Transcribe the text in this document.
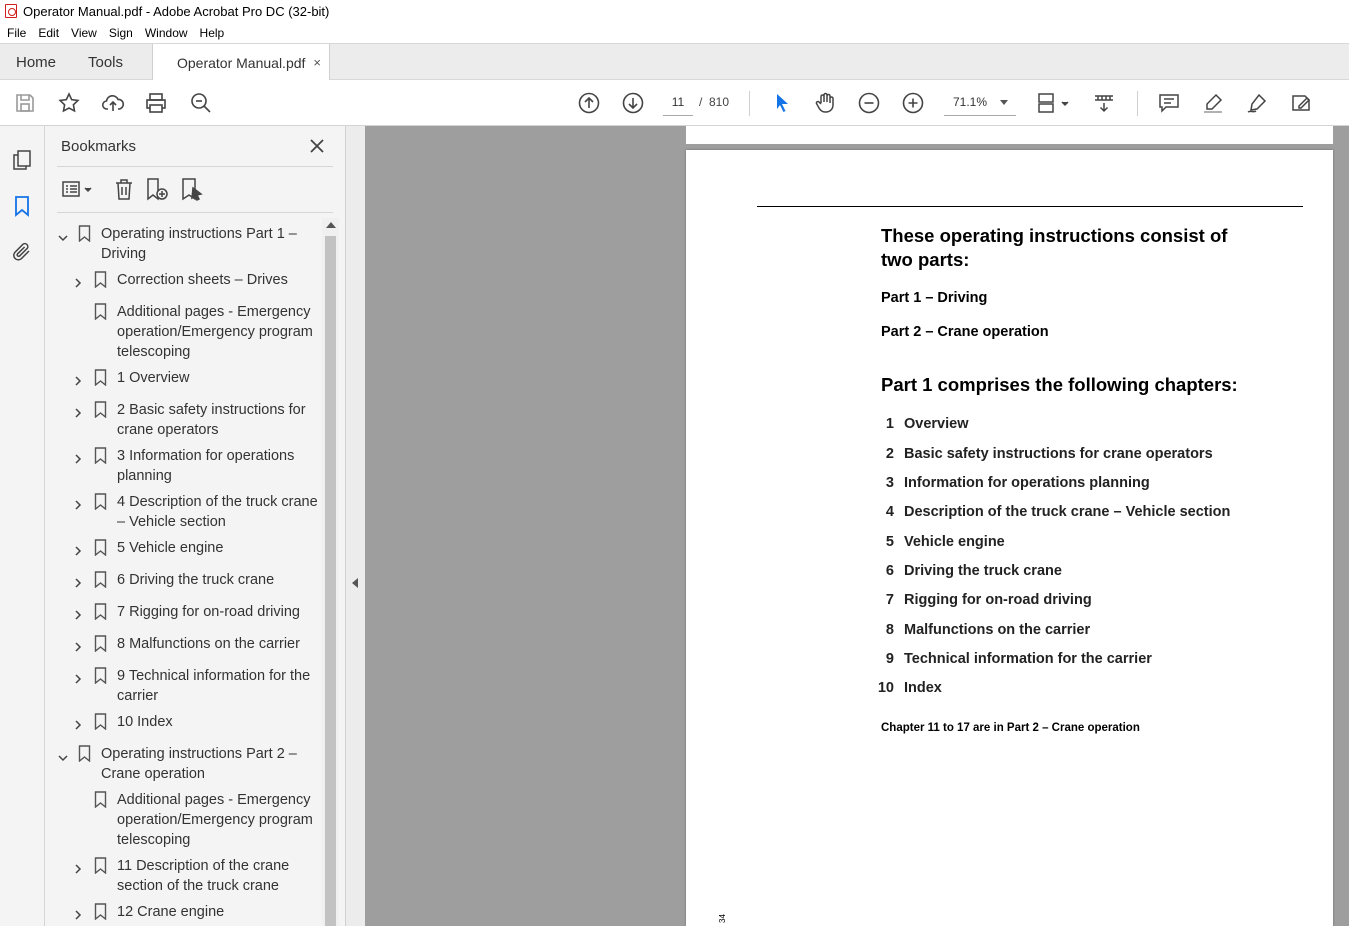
Operator Manual.pdf - Adobe Acrobat Pro DC (32-bit)
File Edit View Sign Window Help
Home Tools	Operator Manual.pdf ×
11	/ 810	71.1%
Bookmarks
Operating instructions Part 1 – Driving
Correction sheets – Drives
Additional pages - Emergency operation/Emergency program telescoping
1 Overview
2 Basic safety instructions for crane operators
3 Information for operations planning
4 Description of the truck crane – Vehicle section
5 Vehicle engine
6 Driving the truck crane
7 Rigging for on-road driving
8 Malfunctions on the carrier
9 Technical information for the carrier
10 Index
Operating instructions Part 2 – Crane operation
Additional pages - Emergency operation/Emergency program telescoping
11 Description of the crane section of the truck crane
12 Crane engine
These operating instructions consist of two parts:
Part 1 – Driving
Part 2 – Crane operation
Part 1 comprises the following chapters:
1 Overview
2 Basic safety instructions for crane operators
3 Information for operations planning
4 Description of the truck crane – Vehicle section
5 Vehicle engine
6 Driving the truck crane
7 Rigging for on-road driving
8 Malfunctions on the carrier
9 Technical information for the carrier
10 Index
Chapter 11 to 17 are in Part 2 – Crane operation
34
